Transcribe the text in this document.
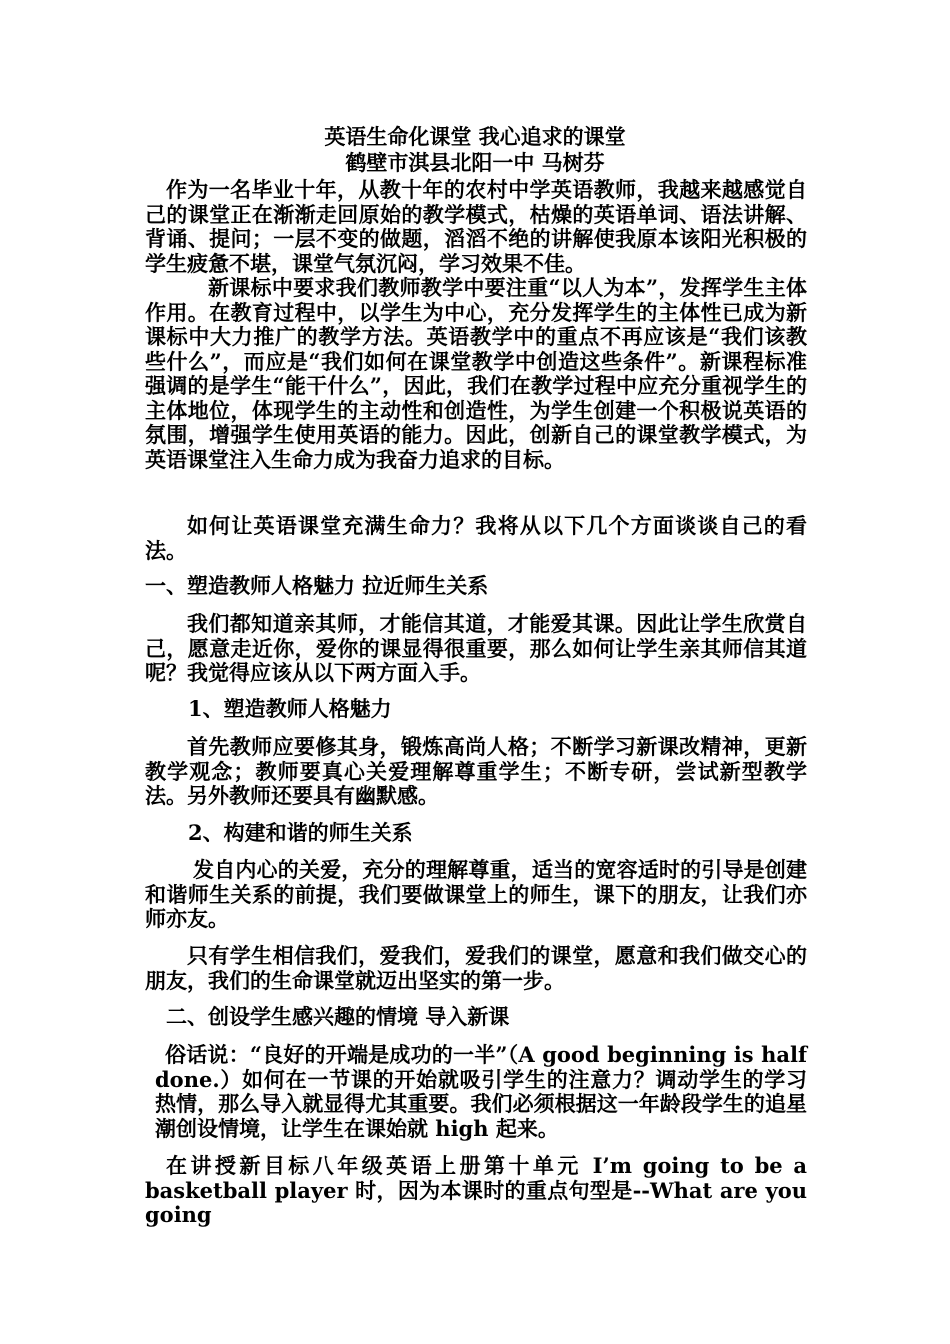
英语生命化课堂 我心追求的课堂
鹤壁市淇县北阳一中 马树芬

作为一名毕业十年，从教十年的农村中学英语教师，我越来越感觉自己的课堂正在渐渐走回原始的教学模式，枯燥的英语单词、语法讲解、背诵、提问；一层不变的做题，滔滔不绝的讲解使我原本该阳光积极的学生疲惫不堪，课堂气氛沉闷，学习效果不佳。

新课标中要求我们教师教学中要注重“以人为本”，发挥学生主体作用。在教育过程中，以学生为中心，充分发挥学生的主体性已成为新课标中大力推广的教学方法。英语教学中的重点不再应该是“我们该教些什么”，而应是“我们如何在课堂教学中创造这些条件”。新课程标准强调的是学生“能干什么”，因此，我们在教学过程中应充分重视学生的主体地位，体现学生的主动性和创造性，为学生创建一个积极说英语的氛围，增强学生使用英语的能力。因此，创新自己的课堂教学模式，为英语课堂注入生命力成为我奋力追求的目标。

如何让英语课堂充满生命力？我将从以下几个方面谈谈自己的看法。

一、塑造教师人格魅力 拉近师生关系

我们都知道亲其师，才能信其道，才能爱其课。因此让学生欣赏自己，愿意走近你，爱你的课显得很重要，那么如何让学生亲其师信其道呢？我觉得应该从以下两方面入手。

1、塑造教师人格魅力

首先教师应要修其身，锻炼高尚人格；不断学习新课改精神，更新教学观念；教师要真心关爱理解尊重学生；不断专研，尝试新型教学法。另外教师还要具有幽默感。

2、构建和谐的师生关系

发自内心的关爱，充分的理解尊重，适当的宽容适时的引导是创建和谐师生关系的前提，我们要做课堂上的师生，课下的朋友，让我们亦师亦友。

只有学生相信我们，爱我们，爱我们的课堂，愿意和我们做交心的朋友，我们的生命课堂就迈出坚实的第一步。

二、创设学生感兴趣的情境 导入新课

俗话说：“良好的开端是成功的一半”（A good beginning is half done.）如何在一节课的开始就吸引学生的注意力？调动学生的学习热情，那么导入就显得尤其重要。我们必须根据这一年龄段学生的追星潮创设情境，让学生在课始就 high 起来。

在讲授新目标八年级英语上册第十单元 I’m going to be a basketball player 时，因为本课时的重点句型是--What are you going
